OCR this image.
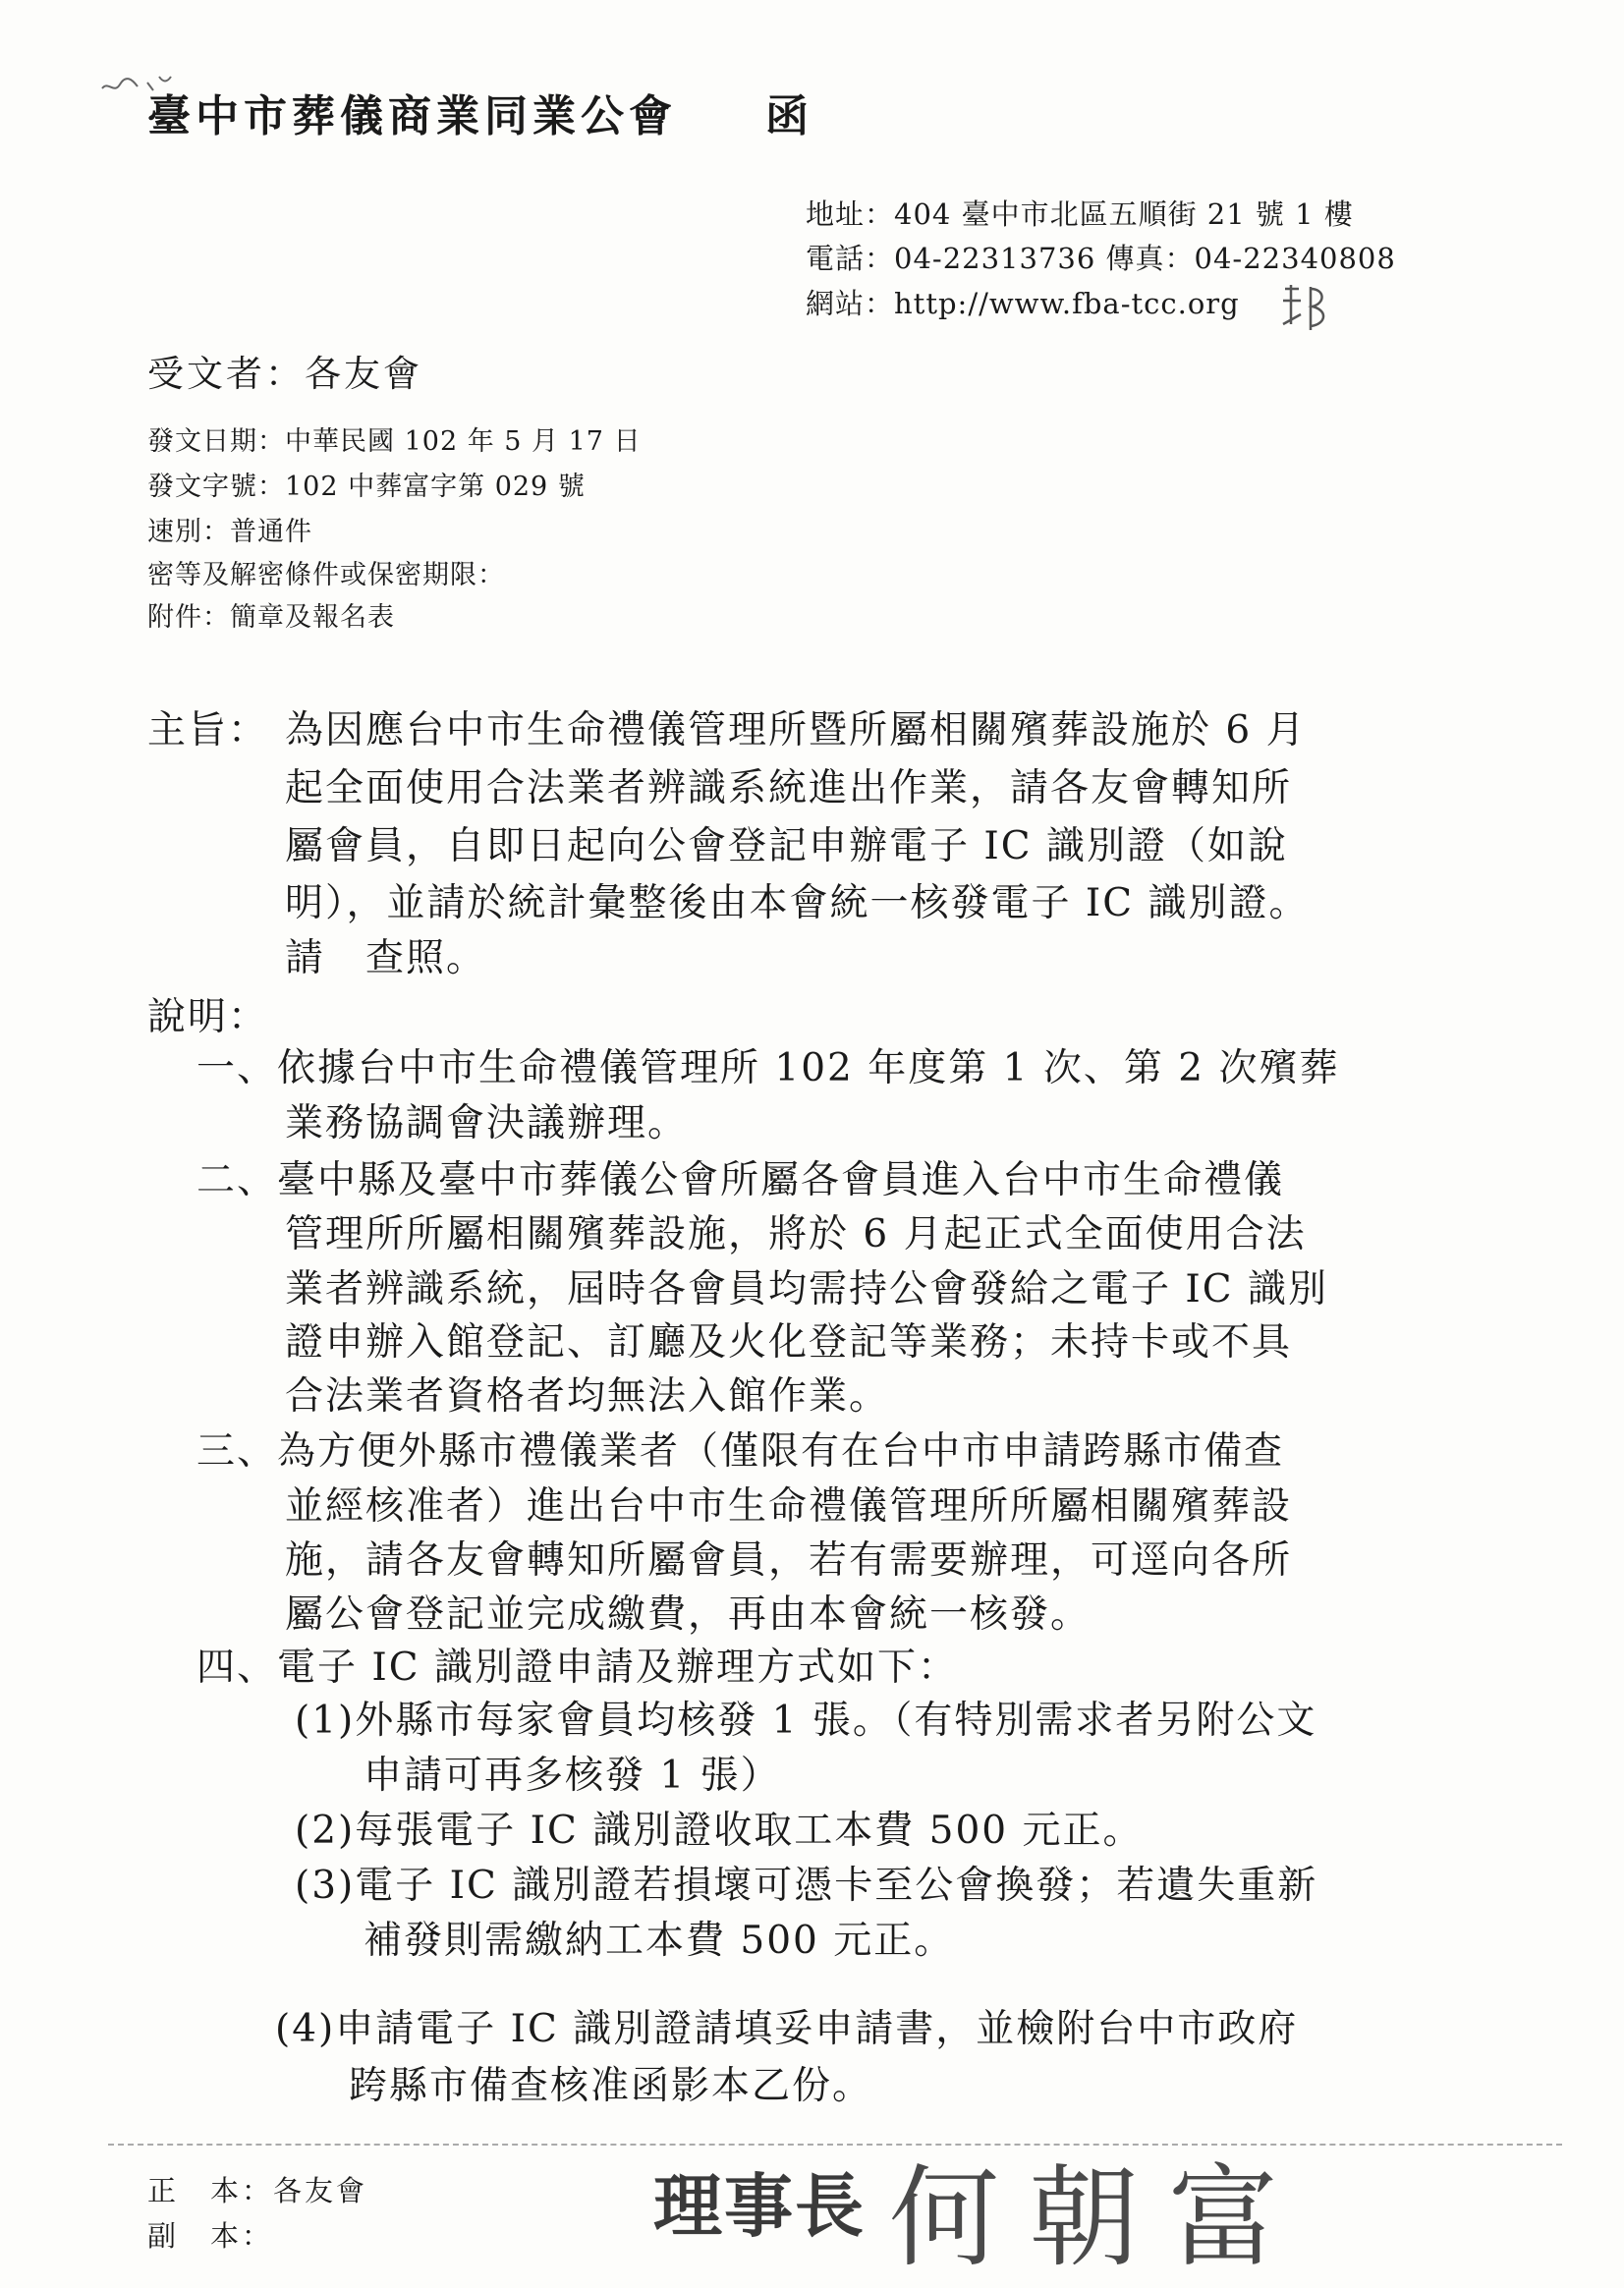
臺中市葬儀商業同業公會 函
地址：404 臺中市北區五順街 21 號 1 樓
電話：04-22313736 傳真：04-22340808
網站：http://www.fba-tcc.org
受文者：各友會
發文日期：中華民國 102 年 5 月 17 日
發文字號：102 中葬富字第 029 號
速別：普通件
密等及解密條件或保密期限：
附件：簡章及報名表
主旨： 為因應台中市生命禮儀管理所暨所屬相關殯葬設施於 6 月
起全面使用合法業者辨識系統進出作業，請各友會轉知所
屬會員，自即日起向公會登記申辦電子 IC 識別證（如說
明），並請於統計彙整後由本會統一核發電子 IC 識別證。
請　查照。
說明：
一、依據台中市生命禮儀管理所 102 年度第 1 次、第 2 次殯葬
業務協調會決議辦理。
二、臺中縣及臺中市葬儀公會所屬各會員進入台中市生命禮儀
管理所所屬相關殯葬設施，將於 6 月起正式全面使用合法
業者辨識系統，屆時各會員均需持公會發給之電子 IC 識別
證申辦入館登記、訂廳及火化登記等業務；未持卡或不具
合法業者資格者均無法入館作業。
三、為方便外縣市禮儀業者（僅限有在台中市申請跨縣市備查
並經核准者）進出台中市生命禮儀管理所所屬相關殯葬設
施，請各友會轉知所屬會員，若有需要辦理，可逕向各所
屬公會登記並完成繳費，再由本會統一核發。
四、電子 IC 識別證申請及辦理方式如下：
(1)外縣市每家會員均核發 1 張。（有特別需求者另附公文
申請可再多核發 1 張）
(2)每張電子 IC 識別證收取工本費 500 元正。
(3)電子 IC 識別證若損壞可憑卡至公會換發；若遺失重新
補發則需繳納工本費 500 元正。
(4)申請電子 IC 識別證請填妥申請書，並檢附台中市政府
跨縣市備查核准函影本乙份。
正　本：各友會
副　本：	理事長 何朝富
